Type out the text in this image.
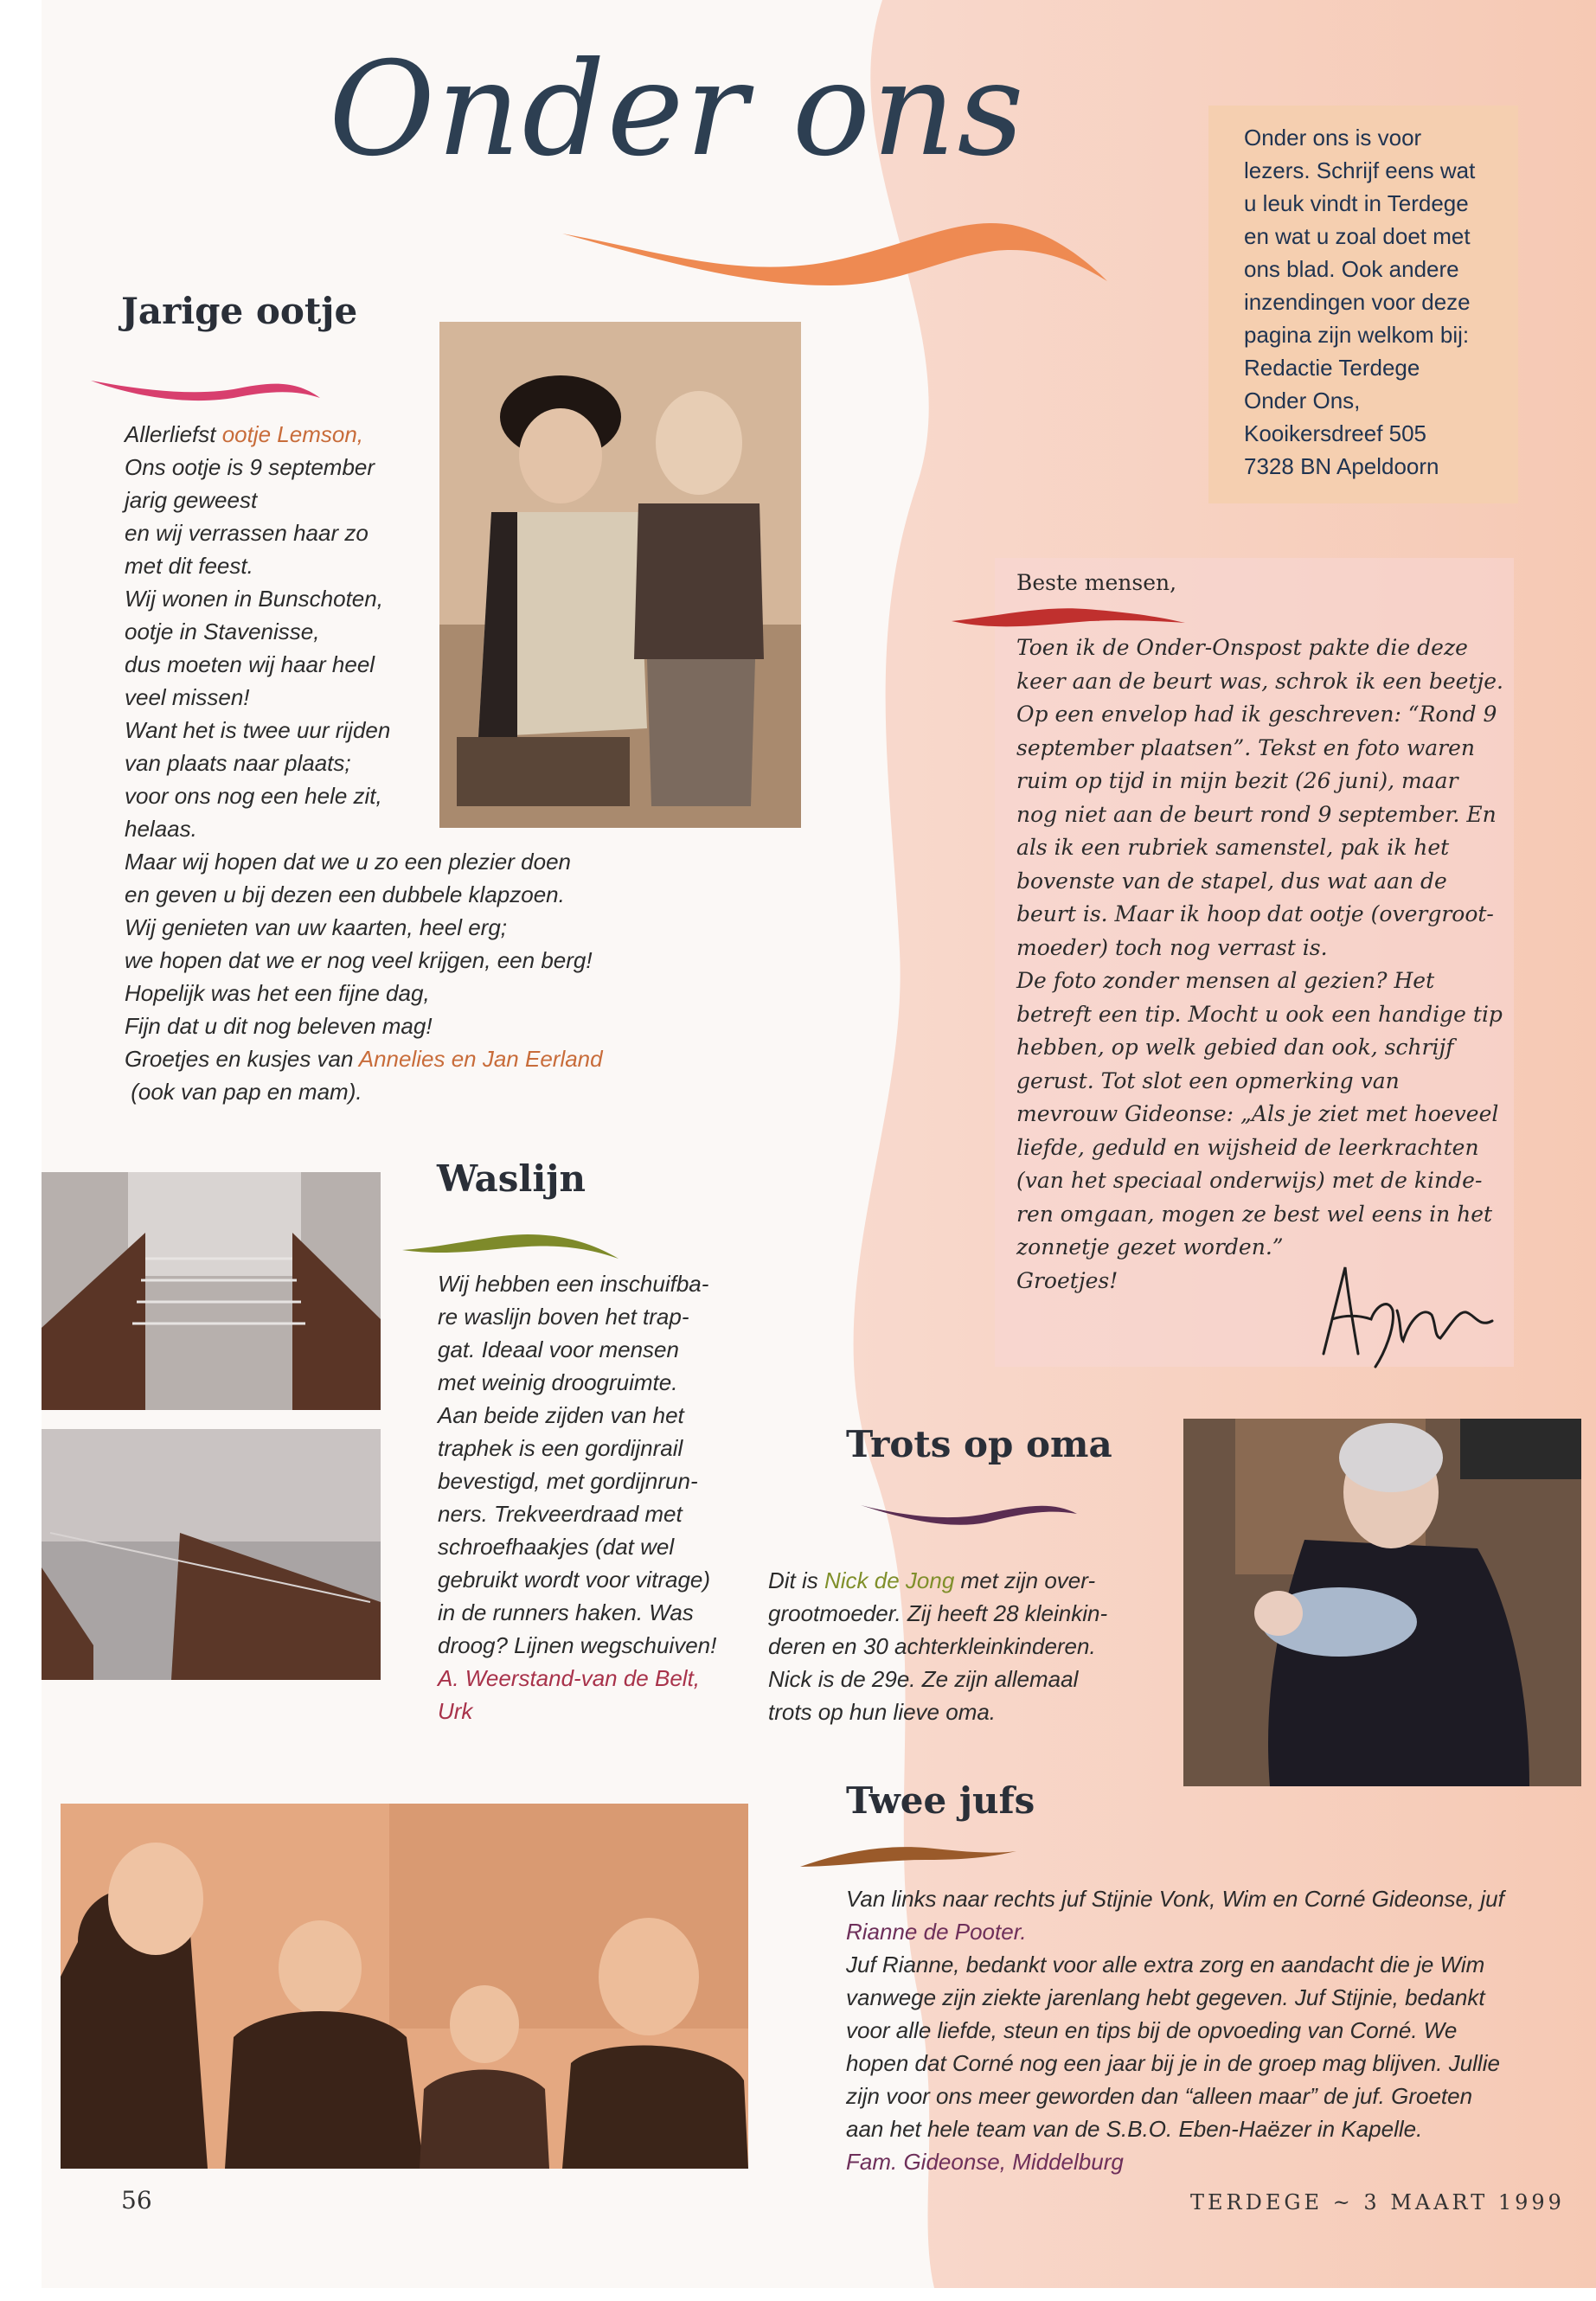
Onder ons	Onder ons is voor
lezers. Schrijf eens wat
u leuk vindt in Terdege
en wat u zoal doet met
ons blad. Ook andere
inzendingen voor deze
pagina zijn welkom bij:
Redactie Terdege
Onder Ons,
Kooikersdreef 505
7328 BN Apeldoorn
Jarige ootje
Allerliefst ootje Lemson,
Ons ootje is 9 september
jarig geweest
en wij verrassen haar zo
met dit feest.
Wij wonen in Bunschoten,
ootje in Stavenisse,
dus moeten wij haar heel
veel missen!
Want het is twee uur rijden
van plaats naar plaats;
voor ons nog een hele zit,
helaas.
Maar wij hopen dat we u zo een plezier doen
en geven u bij dezen een dubbele klapzoen.
Wij genieten van uw kaarten, heel erg;
we hopen dat we er nog veel krijgen, een berg!
Hopelijk was het een fijne dag,
Fijn dat u dit nog beleven mag!
Groetjes en kusjes van Annelies en Jan Eerland
(ook van pap en mam).
Beste mensen,
Toen ik de Onder-Onspost pakte die deze
keer aan de beurt was, schrok ik een beetje.
Op een envelop had ik geschreven: “Rond 9
september plaatsen”. Tekst en foto waren
ruim op tijd in mijn bezit (26 juni), maar
nog niet aan de beurt rond 9 september. En
als ik een rubriek samenstel, pak ik het
bovenste van de stapel, dus wat aan de
beurt is. Maar ik hoop dat ootje (overgroot-
moeder) toch nog verrast is.
De foto zonder mensen al gezien? Het
betreft een tip. Mocht u ook een handige tip
hebben, op welk gebied dan ook, schrijf
gerust. Tot slot een opmerking van
mevrouw Gideonse: „Als je ziet met hoeveel
liefde, geduld en wijsheid de leerkrachten
(van het speciaal onderwijs) met de kinde-
ren omgaan, mogen ze best wel eens in het
zonnetje gezet worden.”
Groetjes!
Waslijn
Wij hebben een inschuifba-
re waslijn boven het trap-
gat. Ideaal voor mensen
met weinig droogruimte.
Aan beide zijden van het
traphek is een gordijnrail
bevestigd, met gordijnrun-
ners. Trekveerdraad met
schroefhaakjes (dat wel
gebruikt wordt voor vitrage)
in de runners haken. Was
droog? Lijnen wegschuiven!
A. Weerstand-van de Belt,
Urk
Trots op oma
Dit is Nick de Jong met zijn over-
grootmoeder. Zij heeft 28 kleinkin-
deren en 30 achterkleinkinderen.
Nick is de 29e. Ze zijn allemaal
trots op hun lieve oma.
Twee jufs
Van links naar rechts juf Stijnie Vonk, Wim en Corné Gideonse, juf
Rianne de Pooter.
Juf Rianne, bedankt voor alle extra zorg en aandacht die je Wim
vanwege zijn ziekte jarenlang hebt gegeven. Juf Stijnie, bedankt
voor alle liefde, steun en tips bij de opvoeding van Corné. We
hopen dat Corné nog een jaar bij je in de groep mag blijven. Jullie
zijn voor ons meer geworden dan “alleen maar” de juf. Groeten
aan het hele team van de S.B.O. Eben-Haëzer in Kapelle.
Fam. Gideonse, Middelburg
56	TERDEGE ~ 3 MAART 1999
